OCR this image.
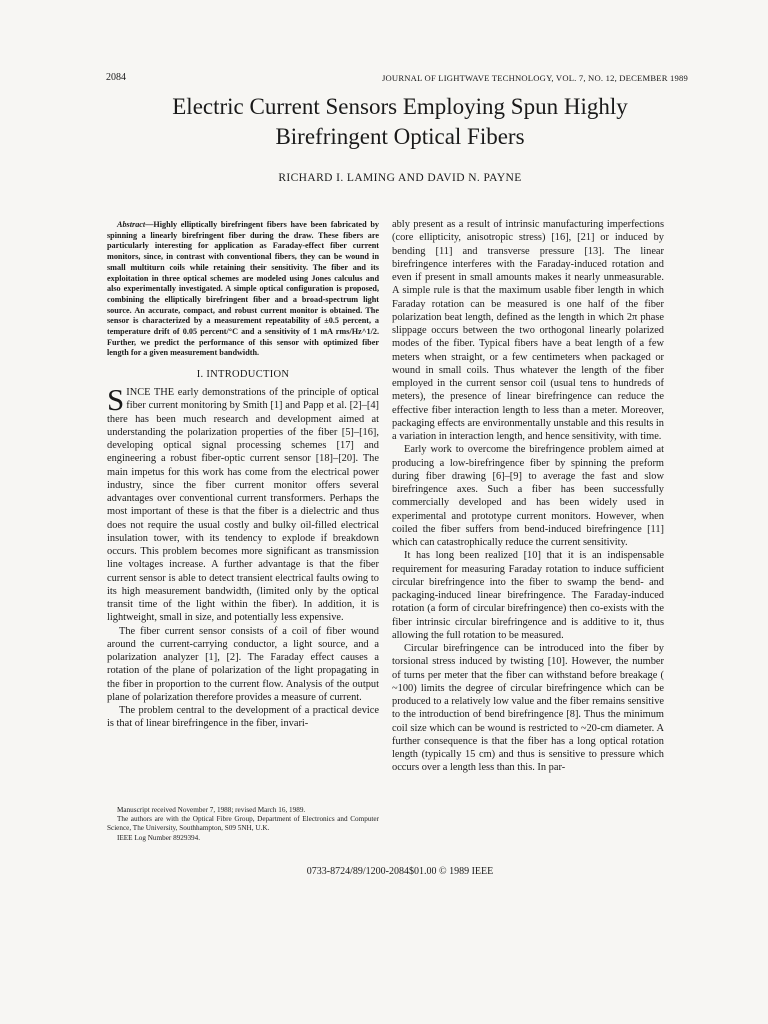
2084	JOURNAL OF LIGHTWAVE TECHNOLOGY, VOL. 7, NO. 12, DECEMBER 1989
Electric Current Sensors Employing Spun Highly
Birefringent Optical Fibers
RICHARD I. LAMING AND DAVID N. PAYNE

Abstract—Highly elliptically birefringent fibers have been fabricated by spinning a linearly birefringent fiber during the draw. These fibers are particularly interesting for application as Faraday-effect fiber current monitors, since, in contrast with conventional fibers, they can be wound in small multiturn coils while retaining their sensitivity. The fiber and its exploitation in three optical schemes are modeled using Jones calculus and also experimentally investigated. A simple optical configuration is proposed, combining the elliptically birefringent fiber and a broad-spectrum light source. An accurate, compact, and robust current monitor is obtained. The sensor is characterized by a measurement repeatability of ±0.5 percent, a temperature drift of 0.05 percent/°C and a sensitivity of 1 mA rms/Hz^1/2. Further, we predict the performance of this sensor with optimized fiber length for a given measurement bandwidth.

I. INTRODUCTION

SINCE THE early demonstrations of the principle of optical fiber current monitoring by Smith [1] and Papp et al. [2]–[4] there has been much research and development aimed at understanding the polarization properties of the fiber [5]–[16], developing optical signal processing schemes [17] and engineering a robust fiber-optic current sensor [18]–[20]. The main impetus for this work has come from the electrical power industry, since the fiber current monitor offers several advantages over conventional current transformers. Perhaps the most important of these is that the fiber is a dielectric and thus does not require the usual costly and bulky oil-filled electrical insulation tower, with its tendency to explode if breakdown occurs. This problem becomes more significant as transmission line voltages increase. A further advantage is that the fiber current sensor is able to detect transient electrical faults owing to its high measurement bandwidth, (limited only by the optical transit time of the light within the fiber). In addition, it is lightweight, small in size, and potentially less expensive.

The fiber current sensor consists of a coil of fiber wound around the current-carrying conductor, a light source, and a polarization analyzer [1], [2]. The Faraday effect causes a rotation of the plane of polarization of the light propagating in the fiber in proportion to the current flow. Analysis of the output plane of polarization therefore provides a measure of current.

The problem central to the development of a practical device is that of linear birefringence in the fiber, invari-

ably present as a result of intrinsic manufacturing imperfections (core ellipticity, anisotropic stress) [16], [21] or induced by bending [11] and transverse pressure [13]. The linear birefringence interferes with the Faraday-induced rotation and even if present in small amounts makes it nearly unmeasurable. A simple rule is that the maximum usable fiber length in which Faraday rotation can be measured is one half of the fiber polarization beat length, defined as the length in which 2π phase slippage occurs between the two orthogonal linearly polarized modes of the fiber. Typical fibers have a beat length of a few meters when straight, or a few centimeters when packaged or wound in small coils. Thus whatever the length of the fiber employed in the current sensor coil (usual tens to hundreds of meters), the presence of linear birefringence can reduce the effective fiber interaction length to less than a meter. Moreover, packaging effects are environmentally unstable and this results in a variation in interaction length, and hence sensitivity, with time.

Early work to overcome the birefringence problem aimed at producing a low-birefringence fiber by spinning the preform during fiber drawing [6]–[9] to average the fast and slow birefringence axes. Such a fiber has been successfully commercially developed and has been widely used in experimental and prototype current monitors. However, when coiled the fiber suffers from bend-induced birefringence [11] which can catastrophically reduce the current sensitivity.

It has long been realized [10] that it is an indispensable requirement for measuring Faraday rotation to induce sufficient circular birefringence into the fiber to swamp the bend- and packaging-induced linear birefringence. The Faraday-induced rotation (a form of circular birefringence) then co-exists with the fiber intrinsic circular birefringence and is additive to it, thus allowing the full rotation to be measured.

Circular birefringence can be introduced into the fiber by torsional stress induced by twisting [10]. However, the number of turns per meter that the fiber can withstand before breakage ( ~100) limits the degree of circular birefringence which can be produced to a relatively low value and the fiber remains sensitive to the introduction of bend birefringence [8]. Thus the minimum coil size which can be wound is restricted to ~20-cm diameter. A further consequence is that the fiber has a long optical rotation length (typically 15 cm) and thus is sensitive to pressure which occurs over a length less than this. In par-

Manuscript received November 7, 1988; revised March 16, 1989.

The authors are with the Optical Fibre Group, Department of Electronics and Computer Science, The University, Southhampton, S09 5NH, U.K.

IEEE Log Number 8929394.

0733-8724/89/1200-2084$01.00 © 1989 IEEE
